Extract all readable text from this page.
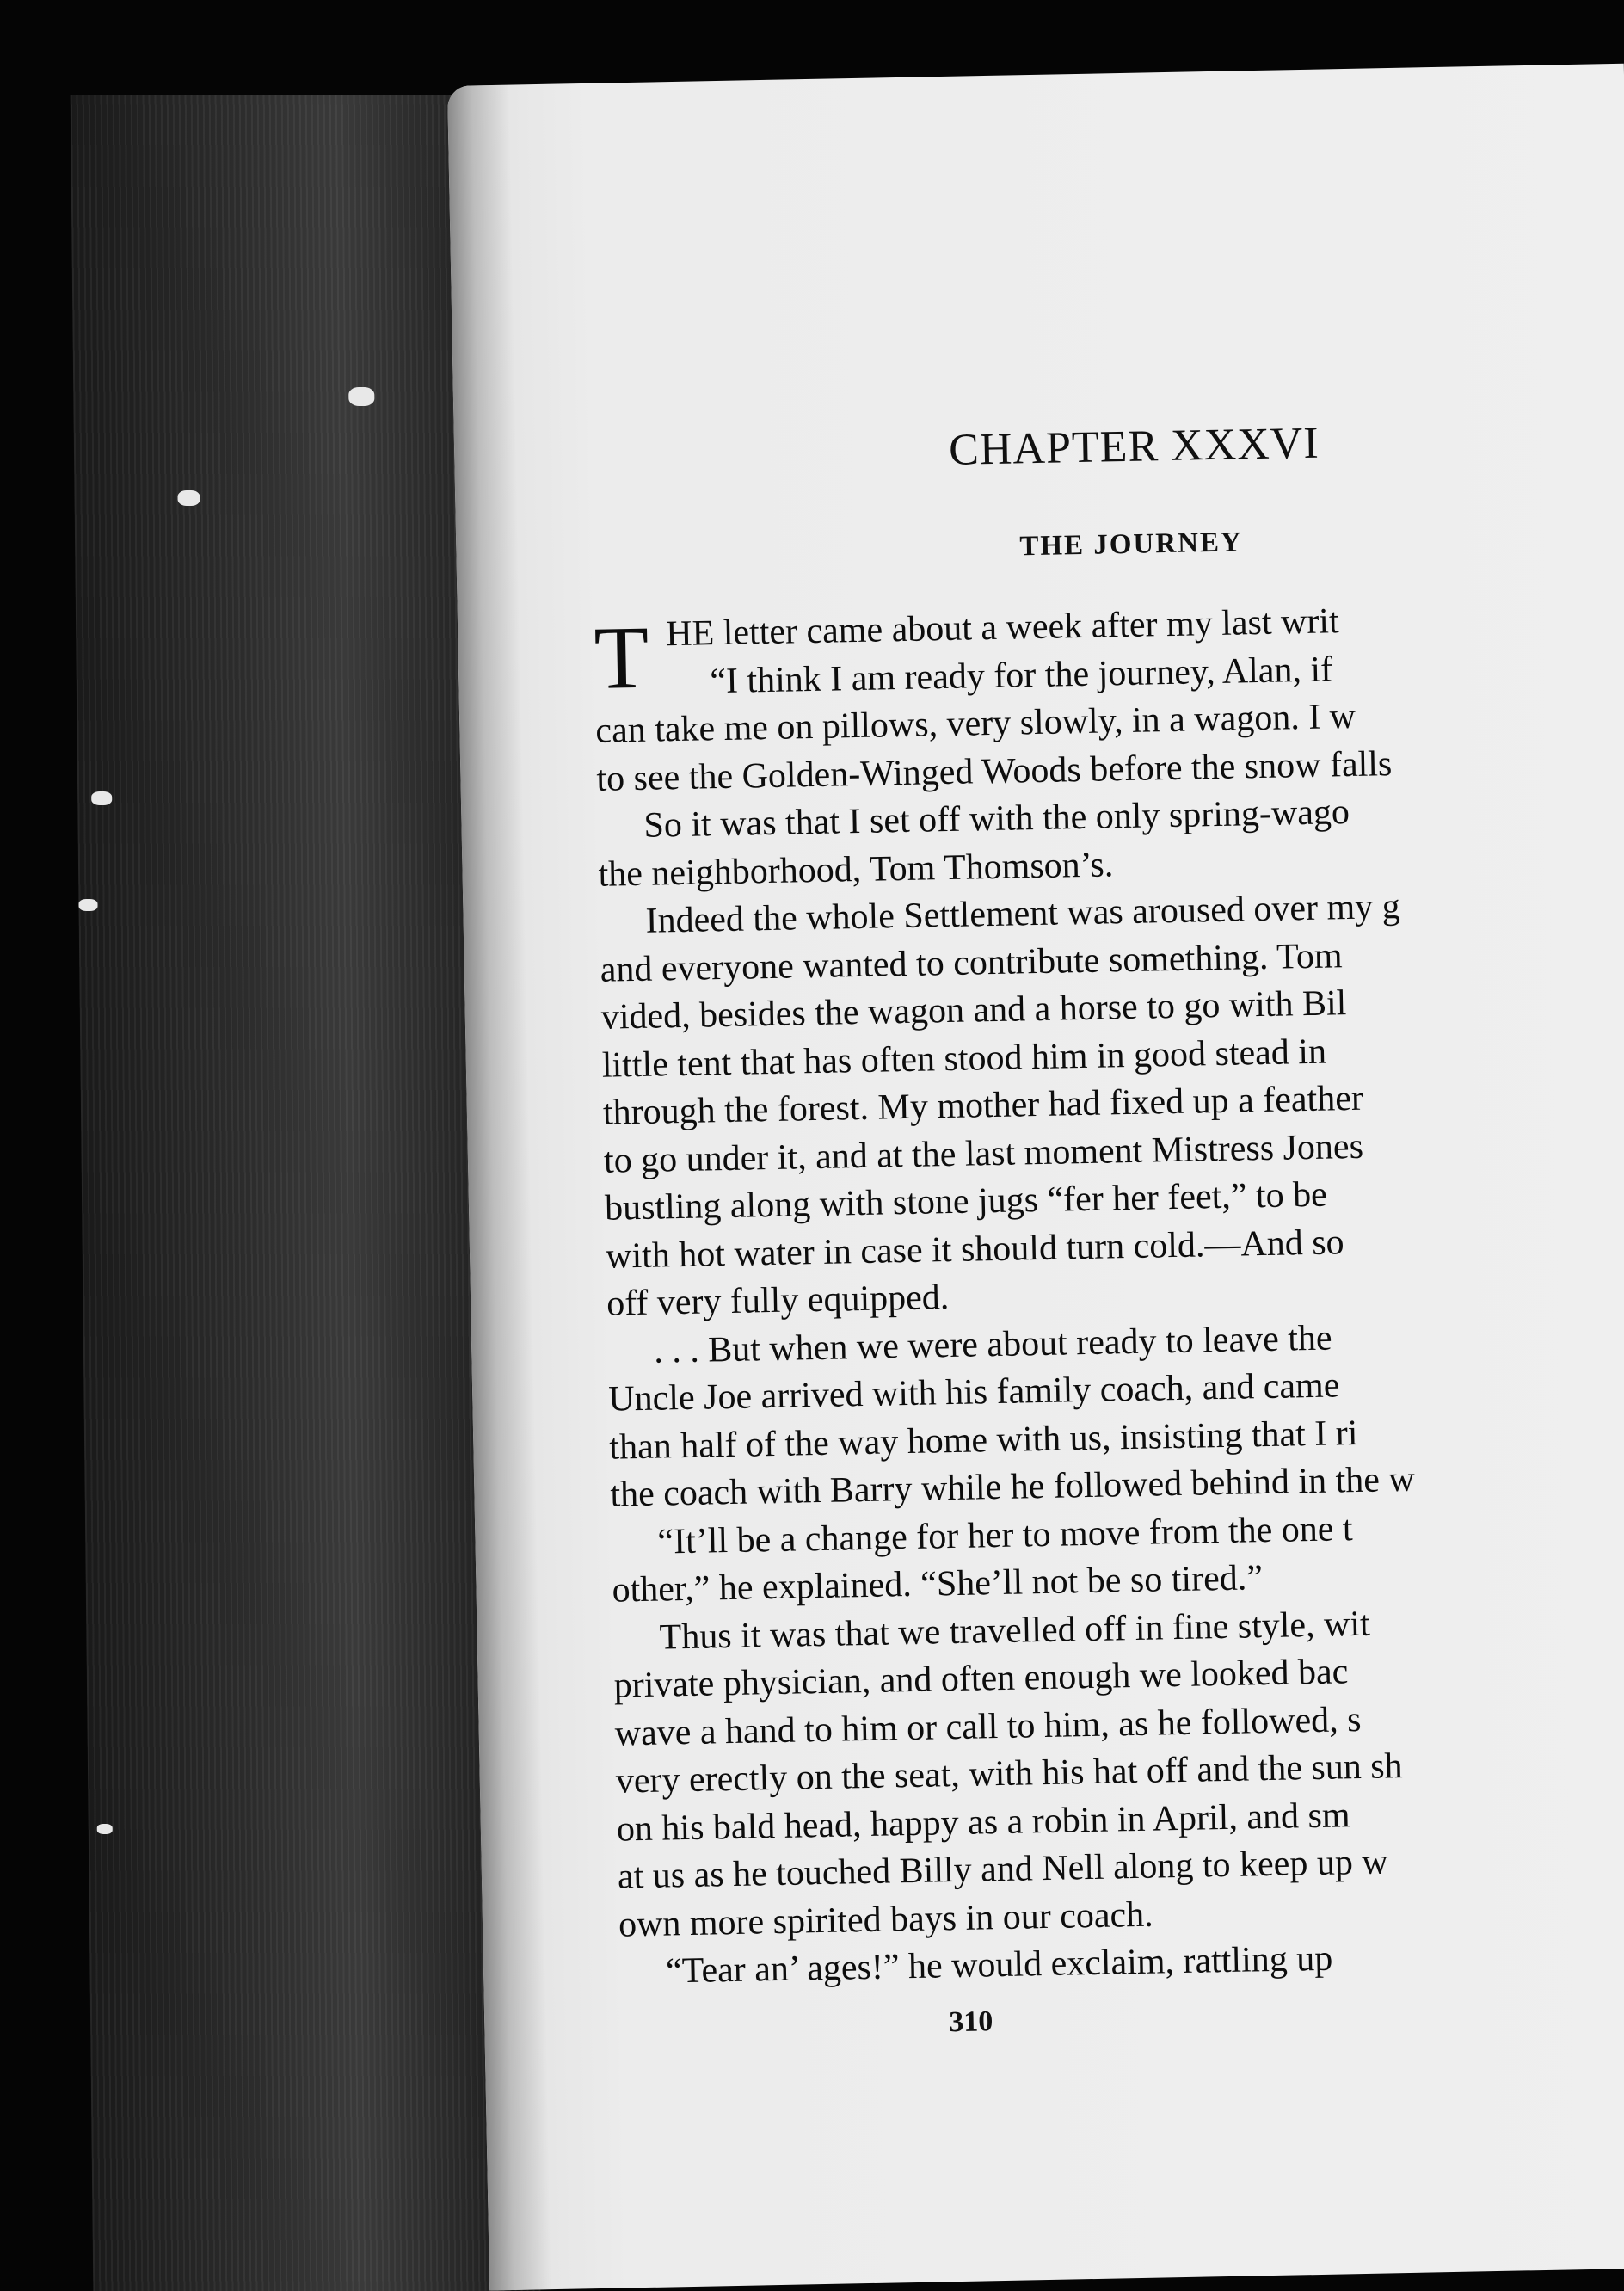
CHAPTER XXXVI
THE JOURNEY
T HE letter came about a week after my last writ
“I think I am ready for the journey, Alan, if
can take me on pillows, very slowly, in a wagon. I w
to see the Golden-Winged Woods before the snow falls
So it was that I set off with the only spring-wago
the neighborhood, Tom Thomson’s.
Indeed the whole Settlement was aroused over my g
and everyone wanted to contribute something. Tom
vided, besides the wagon and a horse to go with Bil
little tent that has often stood him in good stead in
through the forest. My mother had fixed up a feather
to go under it, and at the last moment Mistress Jones
bustling along with stone jugs “fer her feet,” to be
with hot water in case it should turn cold.—And so
off very fully equipped.
. . . But when we were about ready to leave the
Uncle Joe arrived with his family coach, and came
than half of the way home with us, insisting that I ri
the coach with Barry while he followed behind in the w
“It’ll be a change for her to move from the one t
other,” he explained. “She’ll not be so tired.”
Thus it was that we travelled off in fine style, wit
private physician, and often enough we looked bac
wave a hand to him or call to him, as he followed, s
very erectly on the seat, with his hat off and the sun sh
on his bald head, happy as a robin in April, and sm
at us as he touched Billy and Nell along to keep up w
own more spirited bays in our coach.
“Tear an’ ages!” he would exclaim, rattling up
310
